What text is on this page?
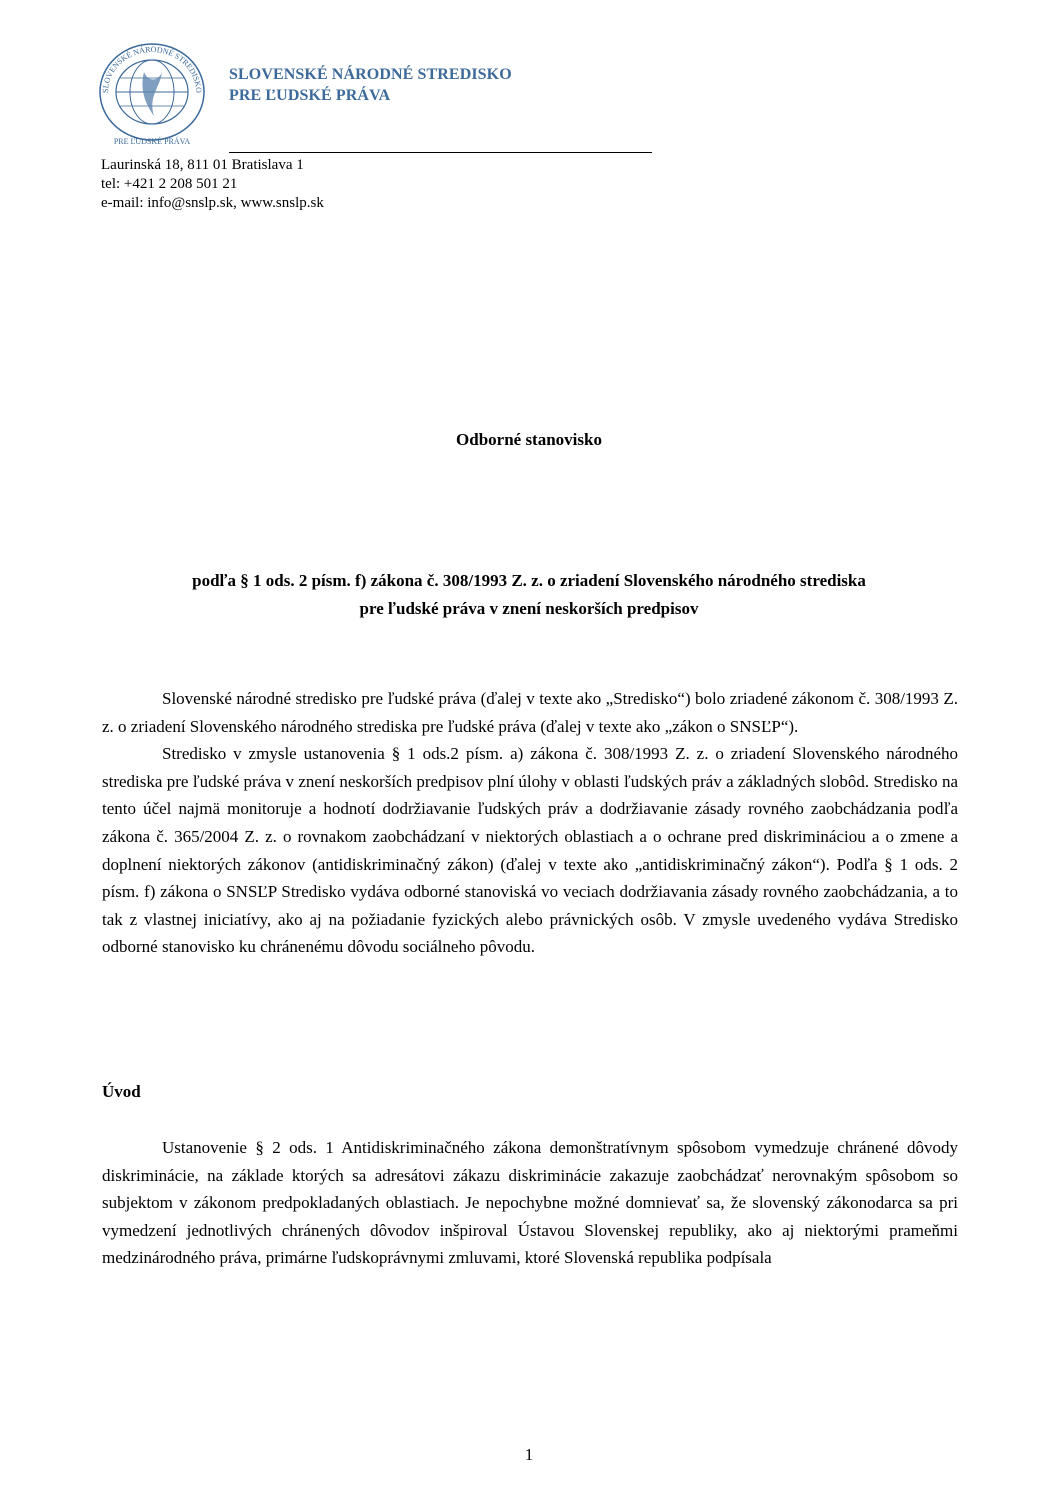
SLOVENSKÉ NÁRODNÉ STREDISKO
PRE ĽUDSKÉ PRÁVA
SLOVENSKÉ NÁRODNÉ STREDISKO
PRE ĽUDSKÉ PRÁVA
Laurinská 18, 811 01 Bratislava 1
tel: +421 2 208 501 21
e-mail: info@snslp.sk, www.snslp.sk
Odborné stanovisko
podľa § 1 ods. 2 písm. f) zákona č. 308/1993 Z. z. o zriadení Slovenského národného strediska
pre ľudské práva v znení neskorších predpisov

Slovenské národné stredisko pre ľudské práva (ďalej v texte ako „Stredisko“) bolo zriadené zákonom č. 308/1993 Z. z. o zriadení Slovenského národného strediska pre ľudské práva (ďalej v texte ako „zákon o SNSĽP“).

Stredisko v zmysle ustanovenia § 1 ods.2 písm. a) zákona č. 308/1993 Z. z. o zriadení Slovenského národného strediska pre ľudské práva v znení neskorších predpisov plní úlohy v oblasti ľudských práv a základných slobôd. Stredisko na tento účel najmä monitoruje a hodnotí dodržiavanie ľudských práv a dodržiavanie zásady rovného zaobchádzania podľa zákona č. 365/2004 Z. z. o rovnakom zaobchádzaní v niektorých oblastiach a o ochrane pred diskrimináciou a o zmene a doplnení niektorých zákonov (antidiskriminačný zákon) (ďalej v texte ako „antidiskriminačný zákon“). Podľa § 1 ods. 2 písm. f) zákona o SNSĽP Stredisko vydáva odborné stanoviská vo veciach dodržiavania zásady rovného zaobchádzania, a to tak z vlastnej iniciatívy, ako aj na požiadanie fyzických alebo právnických osôb. V zmysle uvedeného vydáva Stredisko odborné stanovisko ku chránenému dôvodu sociálneho pôvodu.

Úvod

Ustanovenie § 2 ods. 1 Antidiskriminačného zákona demonštratívnym spôsobom vymedzuje chránené dôvody diskriminácie, na základe ktorých sa adresátovi zákazu diskriminácie zakazuje zaobchádzať nerovnakým spôsobom so subjektom v zákonom predpokladaných oblastiach. Je nepochybne možné domnievať sa, že slovenský zákonodarca sa pri vymedzení jednotlivých chránených dôvodov inšpiroval Ústavou Slovenskej republiky, ako aj niektorými prameňmi medzinárodného práva, primárne ľudskoprávnymi zmluvami, ktoré Slovenská republika podpísala

1
